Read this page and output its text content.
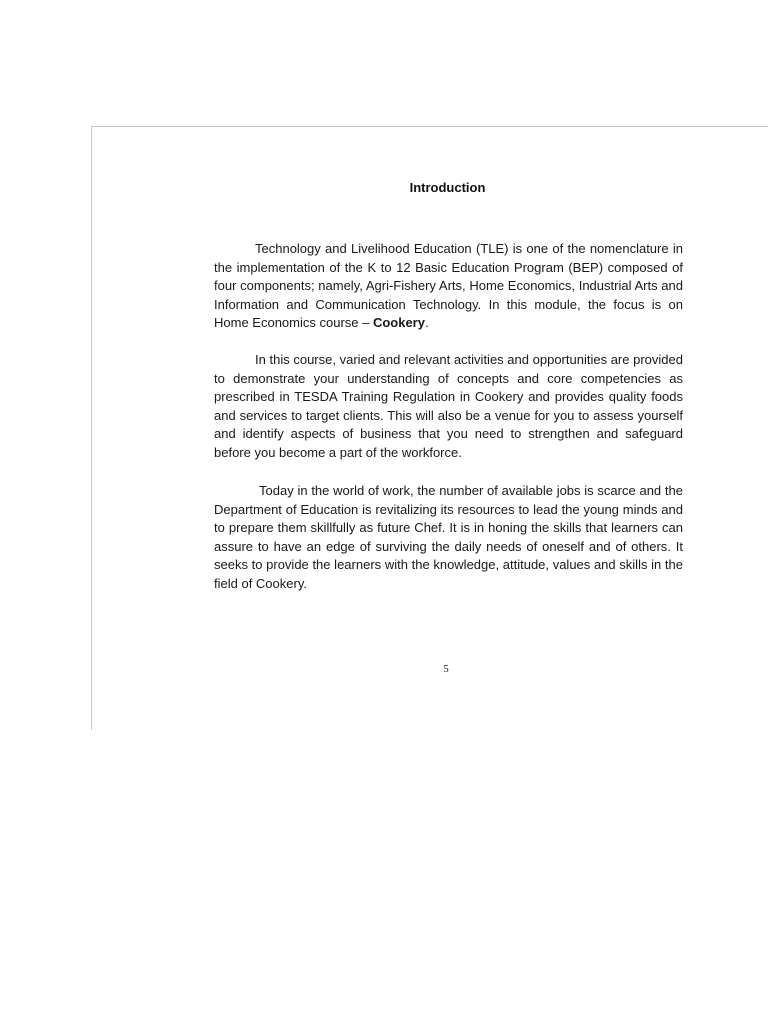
Introduction

Technology and Livelihood Education (TLE) is one of the nomenclature in the implementation of the K to 12 Basic Education Program (BEP) composed of four components; namely, Agri-Fishery Arts, Home Economics, Industrial Arts and Information and Communication Technology. In this module, the focus is on Home Economics course – Cookery.

In this course, varied and relevant activities and opportunities are provided to demonstrate your understanding of concepts and core competencies as prescribed in TESDA Training Regulation in Cookery and provides quality foods and services to target clients. This will also be a venue for you to assess yourself and identify aspects of business that you need to strengthen and safeguard before you become a part of the workforce.

Today in the world of work, the number of available jobs is scarce and the Department of Education is revitalizing its resources to lead the young minds and to prepare them skillfully as future Chef. It is in honing the skills that learners can assure to have an edge of surviving the daily needs of oneself and of others. It seeks to provide the learners with the knowledge, attitude, values and skills in the field of Cookery.

5
